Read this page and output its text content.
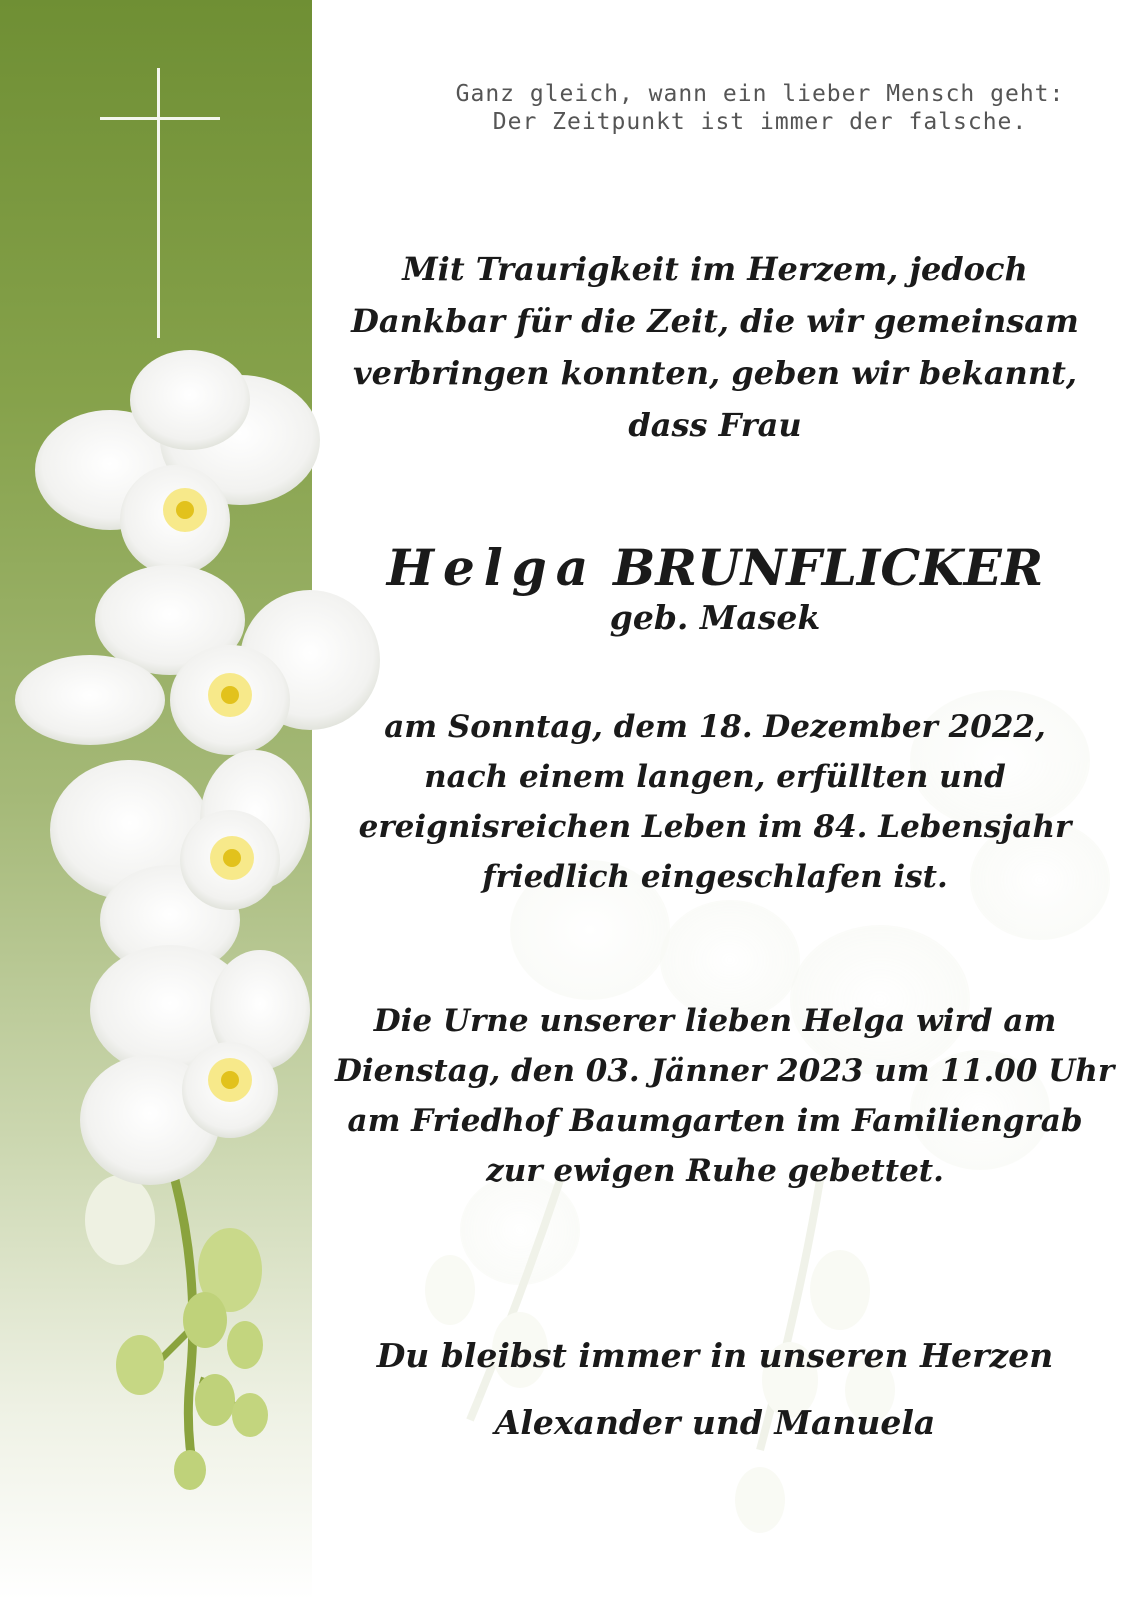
Ganz gleich, wann ein lieber Mensch geht:
Der Zeitpunkt ist immer der falsche.
Mit Traurigkeit im Herzem, jedoch
Dankbar für die Zeit, die wir gemeinsam
verbringen konnten, geben wir bekannt,
dass Frau
Helga BRUNFLICKER
geb. Masek
am Sonntag, dem 18. Dezember 2022,
nach einem langen, erfüllten und
ereignisreichen Leben im 84. Lebensjahr
friedlich eingeschlafen ist.
Die Urne unserer lieben Helga wird am
Dienstag, den 03. Jänner 2023 um 11.00 Uhr
am Friedhof Baumgarten im Familiengrab
zur ewigen Ruhe gebettet.
Du bleibst immer in unseren Herzen
Alexander und Manuela
